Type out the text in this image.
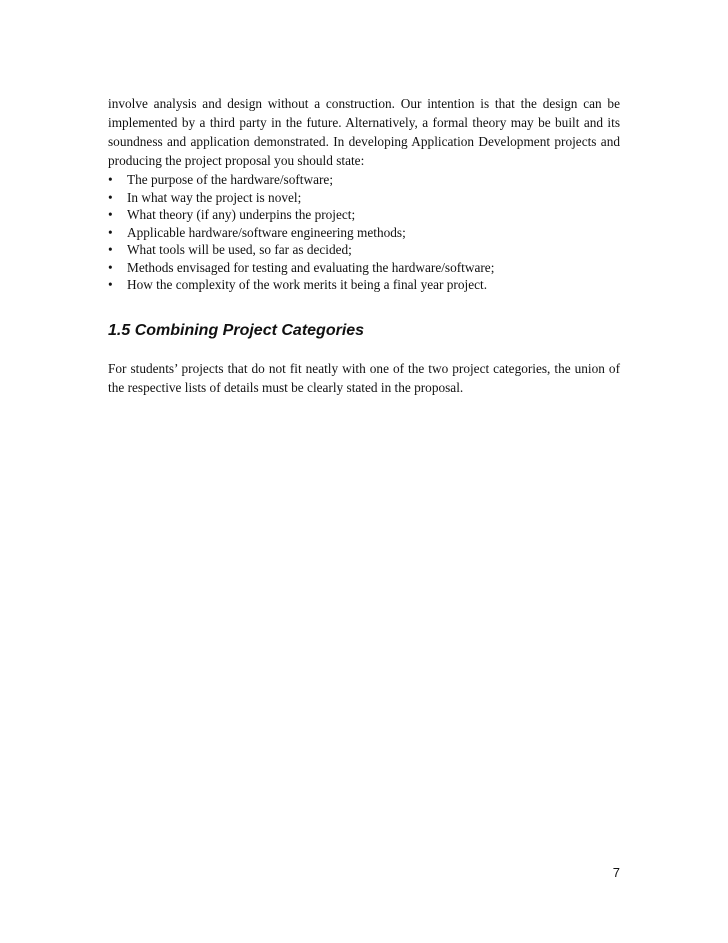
involve analysis and design without a construction. Our intention is that the design can be implemented by a third party in the future. Alternatively, a formal theory may be built and its soundness and application demonstrated. In developing Application Development projects and producing the project proposal you should state:

•	The purpose of the hardware/software;
•	In what way the project is novel;
•	What theory (if any) underpins the project;
•	Applicable hardware/software engineering methods;
•	What tools will be used, so far as decided;
•	Methods envisaged for testing and evaluating the hardware/software;
•	How the complexity of the work merits it being a final year project.
1.5 Combining Project Categories

For students’ projects that do not fit neatly with one of the two project categories, the union of the respective lists of details must be clearly stated in the proposal.

7
